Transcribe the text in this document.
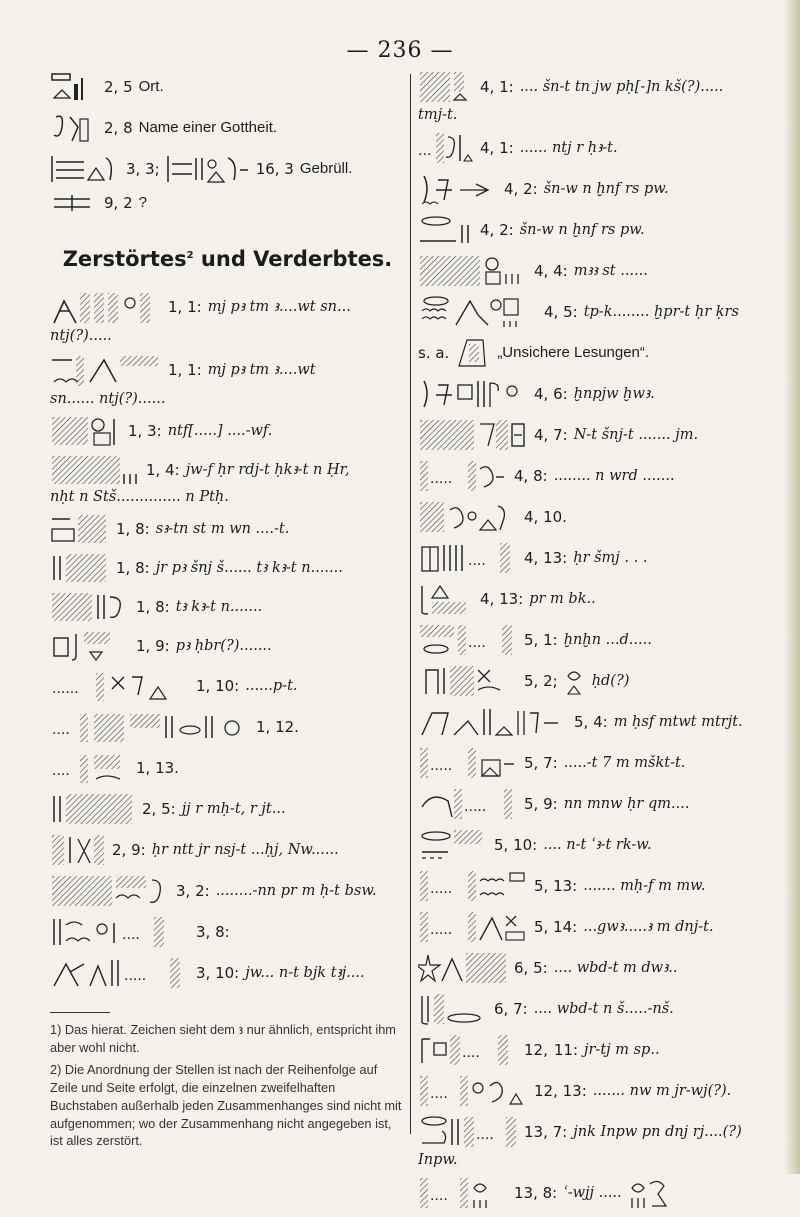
— 236 —
2, 5 Ort.
2, 8 Name einer Gottheit.
3, 3;	16, 3 Gebrüll.
9, 2 ?
Zerstörtes$^2$ und Verderbtes.
1, 1: mj pꜣ tm ꜣ....wt sn...
ntj(?).....
1, 1: mj pꜣ tm ꜣ....wt
sn...... ntj(?)......
1, 3: ntf[.....] ....-wf.
1, 4: jw-f ḥr rdj-t ḥkꜣ-t n Ḥr,
nḥt n Stš.............. n Ptḥ.
1, 8: sꜣ-tn st m wn ....-t.
1, 8: jr pꜣ šnj š...... tꜣ kꜣ-t n.......
1, 8: tꜣ kꜣ-t n.......
1, 9: pꜣ ḥbr(?).......
......	1, 10: ......p-t.
....	1, 12.
....	1, 13.
2, 5: jj r mḥ-t, r jt...
2, 9: ḥr ntt jr nsj-t ...ḥj, Nw......
3, 2: ........-nn pr m ḥ-t bsw.
....	3, 8:
.....	3, 10: jw... n-t bjk tꜣj....

1) Das hierat. Zeichen sieht dem ꜣ nur ähnlich, entspricht ihm aber wohl nicht.

2) Die Anordnung der Stellen ist nach der Reihenfolge auf Zeile und Seite erfolgt, die einzelnen zweifelhaften Buchstaben außerhalb jeden Zusammenhanges sind nicht mit aufgenommen; wo der Zusammenhang nicht angegeben ist, ist alles zerstört.

4, 1: .... šn-t tn jw pḥ[-]n kš(?).....
tmj-t.
...	4, 1: ...... ntj r ḥꜣ-t.
4, 2: šn-w n ḫnf rs pw.
4, 2: šn-w n ḫnf rs pw.
4, 4: mꜣꜣ st ......
4, 5: tp-k........ ḫpr-t ḥr ḳrs
s. a.	„Unsichere Lesungen“.
4, 6: ḫnpjw ḫwꜣ.
4, 7: N-t šnj-t ....... jm.
.....	4, 8: ........ n wrd .......
4, 10.
....	4, 13: ḥr šmj . . .
4, 13: pr m bk..
....	5, 1: ḫnḫn ...d.....
5, 2; ḥd(?)
5, 4: m ḥsf mtwt mtrjt.
.....	5, 7: .....-t 7 m mškt-t.
.....	5, 9: nn mnw ḥr qm....
5, 10: .... n-t ʿꜣ-t rk-w.
.....	5, 13: ....... mḥ-f m mw.
.....	5, 14: ...gwꜣ.....ꜣ m dnj-t.
6, 5: .... wbd-t m dwꜣ..
6, 7: .... wbd-t n š.....-nš.
....	12, 11: jr-tj m sp..
....	12, 13: ....... nw m jr-wj(?).
.... 13, 7: jnk Inpw pn dnj rj....(?)
Inpw.
....	13, 8: ʿ-wjj .....
